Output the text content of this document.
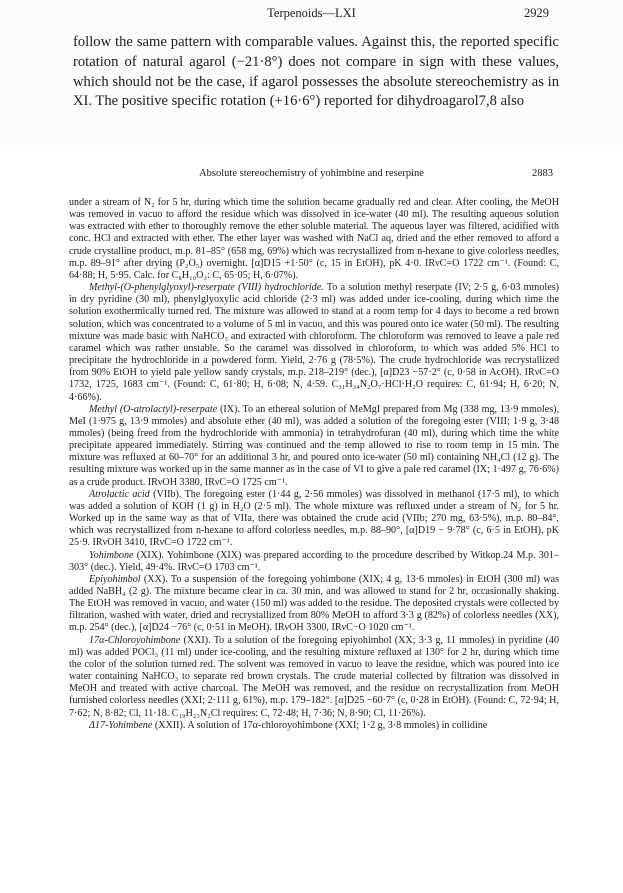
Terpenoids—LXI	2929
follow the same pattern with comparable values. Against this, the reported specific rotation of natural agarol (−21·8°) does not compare in sign with these values, which should not be the case, if agarol possesses the absolute stereochemistry as in XI. The positive specific rotation (+16·6°) reported for dihydroagarol7,8 also
Absolute stereochemistry of yohimbine and reserpine	2883

under a stream of N₂ for 5 hr, during which time the solution became gradually red and clear. After cooling, the MeOH was removed in vacuo to afford the residue which was dissolved in ice-water (40 ml). The resulting aqueous solution was extracted with ether to thoroughly remove the ether soluble material. The aqueous layer was filtered, acidified with conc. HCl and extracted with ether. The ether layer was washed with NaCl aq, dried and the ether removed to afford a crude crystalline product, m.p. 81–85° (658 mg, 69%) which was recrystallized from n-hexane to give colorless needles, m.p. 89–91° after drying (P₂O₅) overnight. [α]D15 +1·50° (c, 15 in EtOH), pK 4·0. IRνC=O 1722 cm⁻¹. (Found: C, 64·88; H, 5·95. Calc. for C₈H₁₀O₃: C, 65·05; H, 6·07%).

Methyl-(O-phenylglyoxyl)-reserpate (VIII) hydrochloride. To a solution methyl reserpate (IV; 2·5 g, 6·03 mmoles) in dry pyridine (30 ml), phenylglyoxylic acid chloride (2·3 ml) was added under ice-cooling, during which time the solution exothermically turned red. The mixture was allowed to stand at a room temp for 4 days to become a red brown solution, which was concentrated to a volume of 5 ml in vacuo, and this was poured onto ice water (50 ml). The resulting mixture was made basic with NaHCO₃ and extracted with chloroform. The chloroform was removed to leave a pale red caramel which was rather unstable. So the caramel was dissolved in chloroform, to which was added 5% HCl to precipitate the hydrochloride in a powdered form. Yield, 2·76 g (78·5%). The crude hydrochloride was recrystallized from 90% EtOH to yield pale yellow sandy crystals, m.p. 218–219° (dec.), [α]D23 −57·2° (c, 0·58 in AcOH). IRνC=O 1732, 1725, 1683 cm⁻¹. (Found: C, 61·80; H, 6·08; N, 4·59. C₃₁H₃₄N₂O₇·HCl·H₂O requires: C, 61·94; H, 6·20; N, 4·66%).

Methyl (O-atrolactyl)-reserpate (IX). To an ethereal solution of MeMgI prepared from Mg (338 mg, 13·9 mmoles), MeI (1·975 g, 13·9 mmoles) and absolute ether (40 ml), was added a solution of the foregoing ester (VIII; 1·9 g, 3·48 mmoles) (being freed from the hydrochloride with ammonia) in tetrahydrofuran (40 ml), during which time the white precipitate appeared immediately. Stirring was continued and the temp allowed to rise to room temp in 15 min. The mixture was refluxed at 60–70° for an additional 3 hr, and poured onto ice-water (50 ml) containing NH₄Cl (12 g). The resulting mixture was worked up in the same manner as in the case of VI to give a pale red caramel (IX; 1·497 g, 76·6%) as a crude product. IRνOH 3380, IRνC=O 1725 cm⁻¹.

Atrolactic acid (VIIb). The foregoing ester (1·44 g, 2·56 mmoles) was dissolved in methanol (17·5 ml), to which was added a solution of KOH (1 g) in H₂O (2·5 ml). The whole mixture was refluxed under a stream of N₂ for 5 hr. Worked up in the same way as that of VIIa, there was obtained the crude acid (VIIb; 270 mg, 63·5%), m.p. 80–84°, which was recrystallized from n-hexane to afford colorless needles, m.p. 88–90°, [α]D19 − 9·78° (c, 6·5 in EtOH), pK 25·9. IRνOH 3410, IRνC=O 1722 cm⁻¹.

Yohimbone (XIX). Yohimbone (XIX) was prepared according to the procedure described by Witkop.24 M.p. 301–303° (dec.). Yield, 49·4%. IRνC=O 1703 cm⁻¹.

Epiyohimbol (XX). To a suspension of the foregoing yohimbone (XIX; 4 g, 13·6 mmoles) in EtOH (300 ml) was added NaBH₄ (2 g). The mixture became clear in ca. 30 min, and was allowed to stand for 2 hr, occasionally shaking. The EtOH was removed in vacuo, and water (150 ml) was added to the residue. The deposited crystals were collected by filtration, washed with water, dried and recrystallized from 80% MeOH to afford 3·3 g (82%) of colorless needles (XX), m.p. 254° (dec.), [α]D24 −76° (c, 0·51 in MeOH). IRνOH 3300, IRνC−O 1020 cm⁻¹.

17α-Chloroyohimbone (XXI). To a solution of the foregoing epiyohimbol (XX; 3·3 g, 11 mmoles) in pyridine (40 ml) was added POCl₃ (11 ml) under ice-cooling, and the resulting mixture refluxed at 130° for 2 hr, during which time the color of the solution turned red. The solvent was removed in vacuo to leave the residue, which was poured into ice water containing NaHCO₃ to separate red brown crystals. The crude material collected by filtration was dissolved in MeOH and treated with active charcoal. The MeOH was removed, and the residue on recrystallization from MeOH furnished colorless needles (XXI; 2·111 g, 61%), m.p. 179–182°. [α]D25 −60·7° (c, 0·28 in EtOH). (Found: C, 72·94; H, 7·62; N, 8·82; Cl, 11·18. C₁₉H₂₃N₂Cl requires: C, 72·48; H, 7·36; N, 8·90; Cl, 11·26%).

Δ17-Yohimbene (XXII). A solution of 17α-chloroyohimbone (XXI; 1·2 g, 3·8 mmoles) in collidine
